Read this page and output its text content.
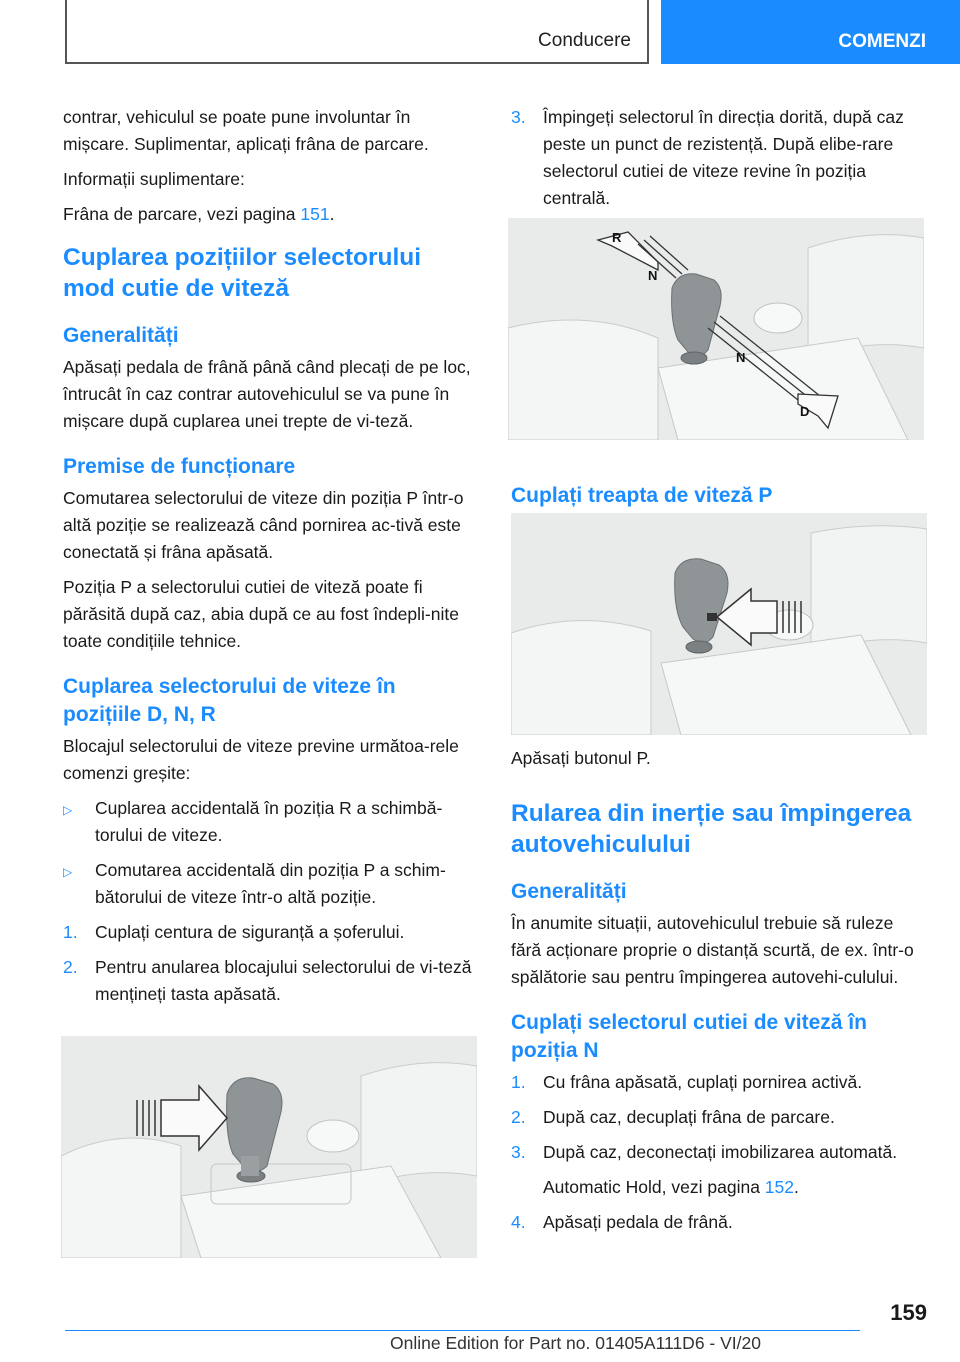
Conducere	COMENZI

contrar, vehiculul se poate pune involuntar în mișcare. Suplimentar, aplicați frâna de parcare.

Informații suplimentare:

Frâna de parcare, vezi pagina 151.

Cuplarea pozițiilor selectorului mod cutie de viteză
Generalități

Apăsați pedala de frână până când plecați de pe loc, întrucât în caz contrar autovehiculul se va pune în mișcare după cuplarea unei trepte de vi-teză.

Premise de funcționare

Comutarea selectorului de viteze din poziția P într-o altă poziție se realizează când pornirea ac-tivă este conectată și frâna apăsată.

Poziția P a selectorului cutiei de viteză poate fi părăsită după caz, abia după ce au fost îndepli-nite toate condițiile tehnice.

Cuplarea selectorului de viteze în pozițiile D, N, R

Blocajul selectorului de viteze previne următoa-rele comenzi greșite:

▷	Cuplarea accidentală în poziția R a schimbă-torului de viteze.
▷	Comutarea accidentală din poziția P a schim-bătorului de viteze într-o altă poziție.
1. Cuplați centura de siguranță a șoferului.
2. Pentru anularea blocajului selectorului de vi-teză mențineți tasta apăsată.
3. Împingeți selectorul în direcția dorită, după caz peste un punct de rezistență. După elibe-rare selectorul cutiei de viteze revine în poziția centrală.
R
N
N
D
Cuplați treapta de viteză P

Apăsați butonul P.

Rularea din inerție sau împingerea autovehiculului
Generalități

În anumite situații, autovehiculul trebuie să ruleze fără acționare proprie o distanță scurtă, de ex. într-o spălătorie sau pentru împingerea autovehi-culului.

Cuplați selectorul cutiei de viteză în poziția N
1. Cu frâna apăsată, cuplați pornirea activă.
2. După caz, decuplați frâna de parcare.
3. După caz, deconectați imobilizarea automată.
Automatic Hold, vezi pagina 152.
4. Apăsați pedala de frână.
159
Online Edition for Part no. 01405A111D6 - VI/20
